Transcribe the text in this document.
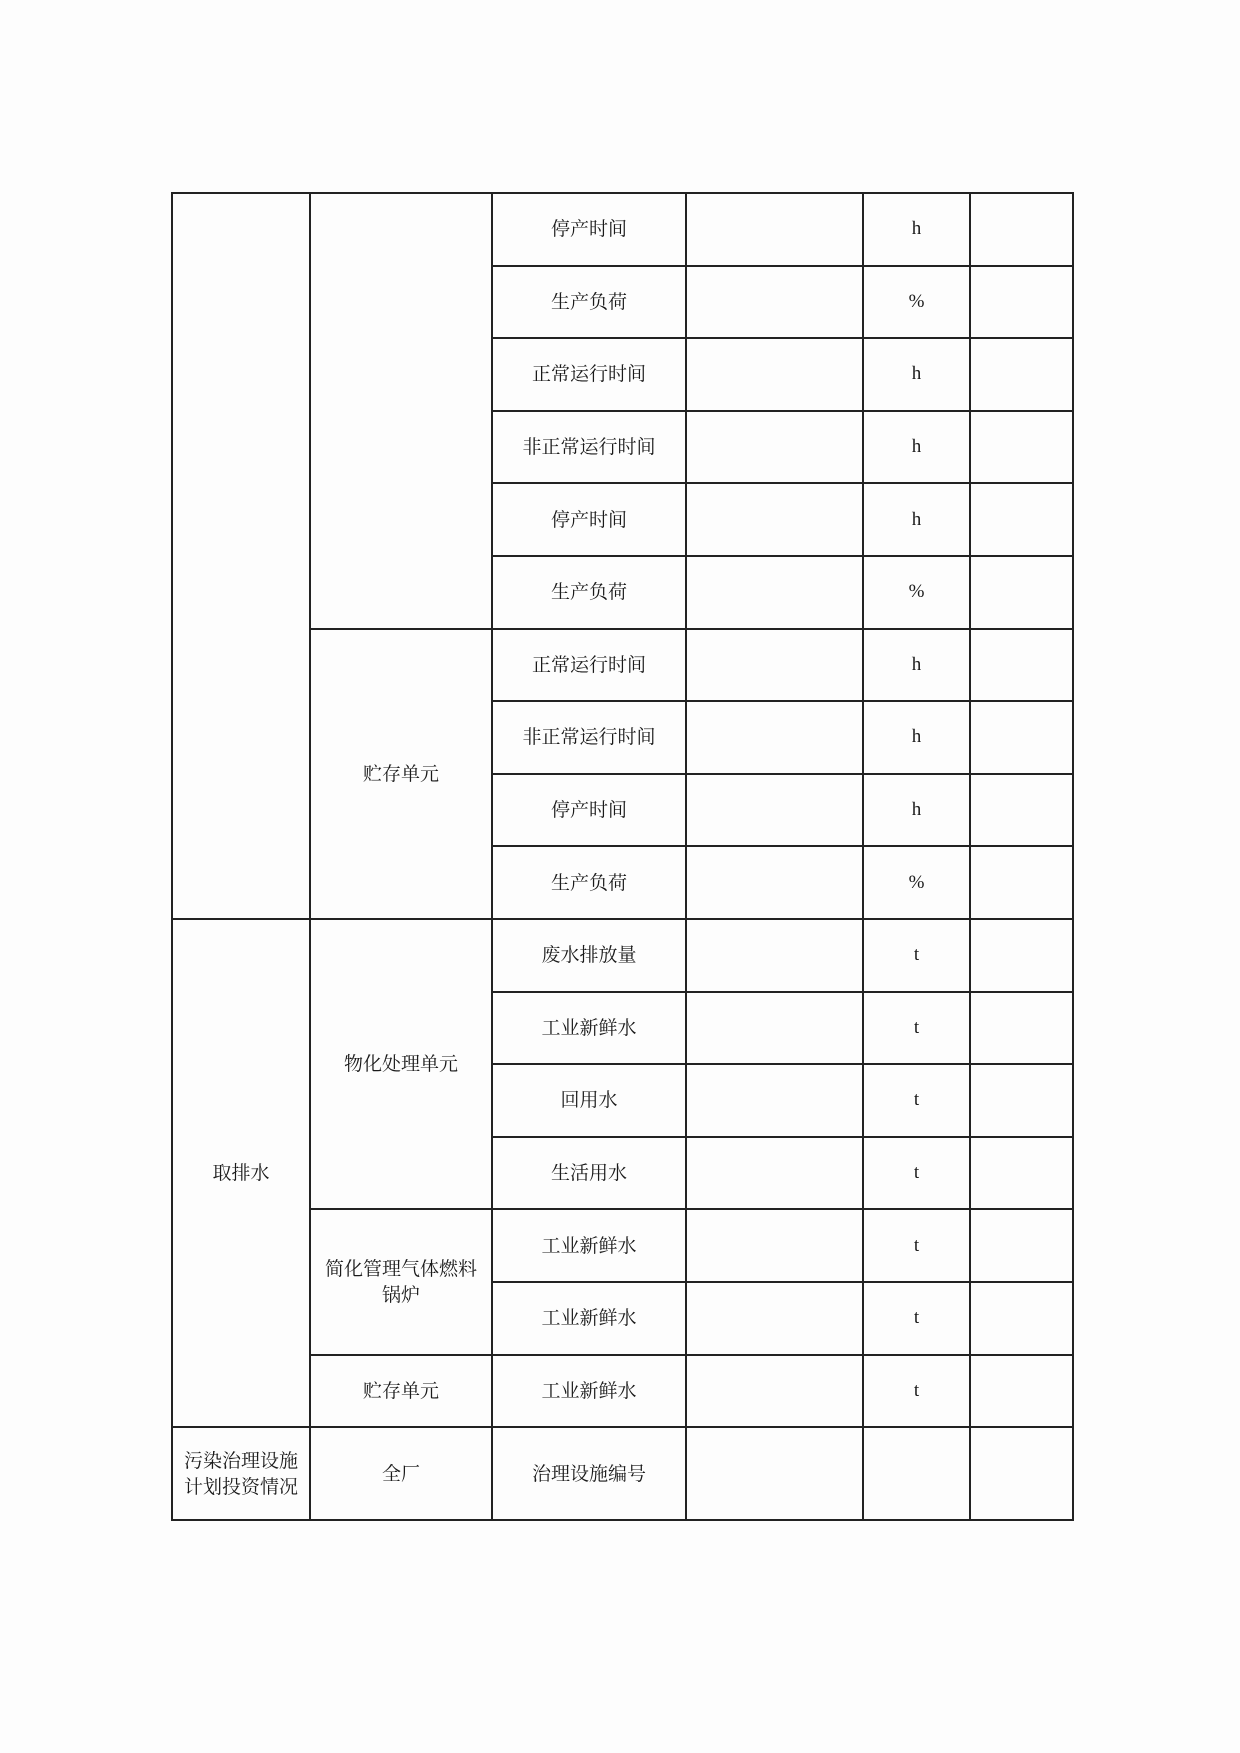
		停产时间		h	
		生产负荷		%	
		正常运行时间		h	
		非正常运行时间		h	
		停产时间		h	
		生产负荷		%	
	贮存单元	正常运行时间		h	
		非正常运行时间		h	
		停产时间		h	
		生产负荷		%	
取排水	物化处理单元	废水排放量		t	
		工业新鲜水		t	
		回用水		t	
		生活用水		t	
	简化管理气体燃料锅炉	工业新鲜水		t	
		工业新鲜水		t	
	贮存单元	工业新鲜水		t	
污染治理设施计划投资情况	全厂	治理设施编号			
